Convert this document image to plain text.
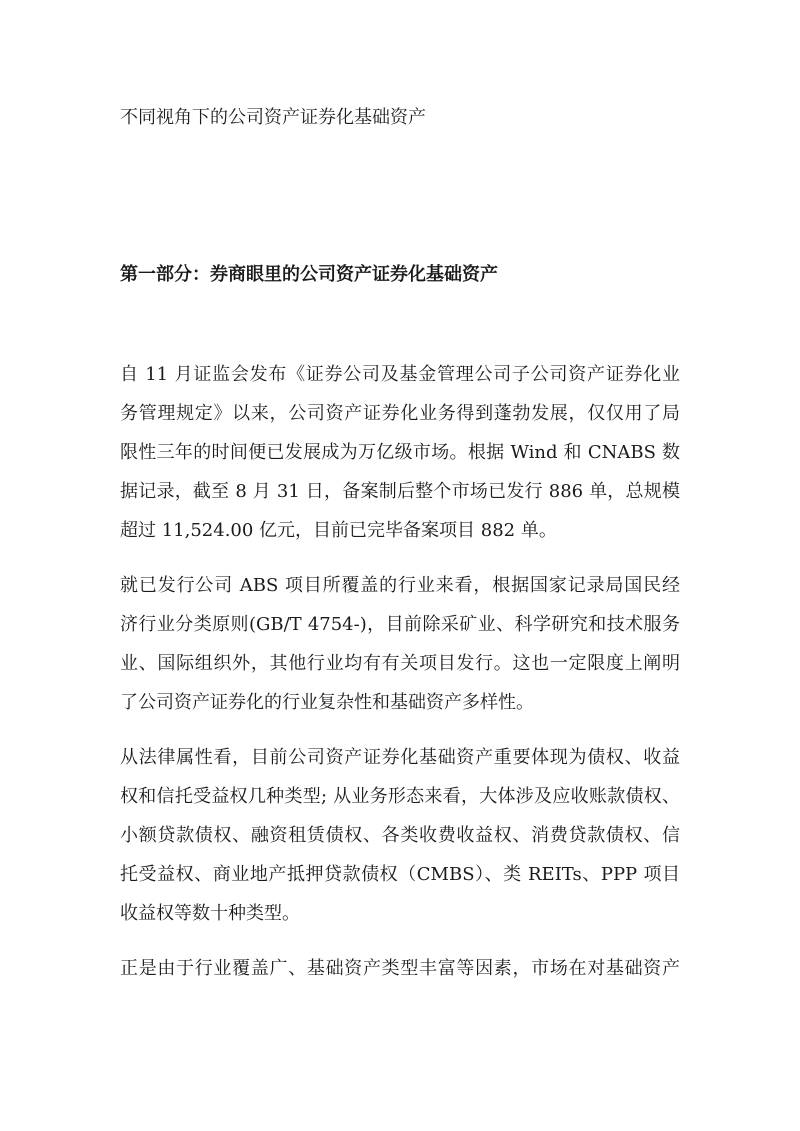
不同视角下的公司资产证券化基础资产
第一部分：券商眼里的公司资产证券化基础资产

自 11 月证监会发布《证券公司及基金管理公司子公司资产证券化业
务管理规定》以来，公司资产证券化业务得到蓬勃发展，仅仅用了局
限性三年的时间便已发展成为万亿级市场。根据 Wind 和 CNABS 数
据记录，截至 8 月 31 日，备案制后整个市场已发行 886 单，总规模
超过 11,524.00 亿元，目前已完毕备案项目 882 单。

就已发行公司 ABS 项目所覆盖的行业来看，根据国家记录局国民经
济行业分类原则(GB/T 4754-)，目前除采矿业、科学研究和技术服务
业、国际组织外，其他行业均有有关项目发行。这也一定限度上阐明
了公司资产证券化的行业复杂性和基础资产多样性。

从法律属性看，目前公司资产证券化基础资产重要体现为债权、收益
权和信托受益权几种类型; 从业务形态来看，大体涉及应收账款债权、
小额贷款债权、融资租赁债权、各类收费收益权、消费贷款债权、信
托受益权、商业地产抵押贷款债权（CMBS）、类 REITs、PPP 项目
收益权等数十种类型。

正是由于行业覆盖广、基础资产类型丰富等因素，市场在对基础资产
